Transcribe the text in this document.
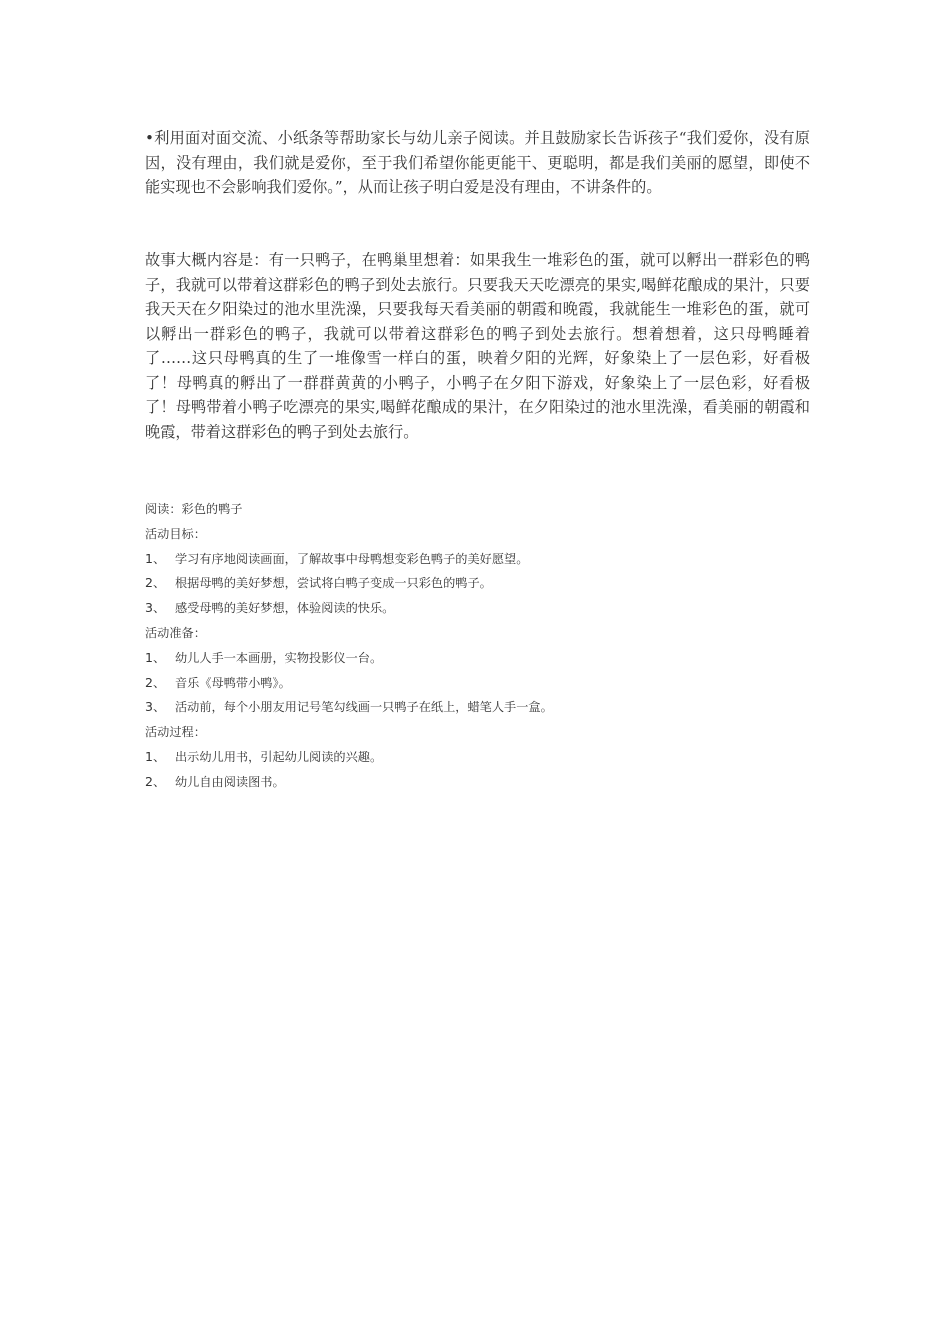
•利用面对面交流、小纸条等帮助家长与幼儿亲子阅读。并且鼓励家长告诉孩子“我们爱你，没有原因，没有理由，我们就是爱你，至于我们希望你能更能干、更聪明，都是我们美丽的愿望，即使不能实现也不会影响我们爱你。”，从而让孩子明白爱是没有理由，不讲条件的。

故事大概内容是：有一只鸭子，在鸭巢里想着：如果我生一堆彩色的蛋，就可以孵出一群彩色的鸭子，我就可以带着这群彩色的鸭子到处去旅行。只要我天天吃漂亮的果实,喝鲜花酿成的果汁，只要我天天在夕阳染过的池水里洗澡，只要我每天看美丽的朝霞和晚霞，我就能生一堆彩色的蛋，就可以孵出一群彩色的鸭子，我就可以带着这群彩色的鸭子到处去旅行。想着想着，这只母鸭睡着了……这只母鸭真的生了一堆像雪一样白的蛋，映着夕阳的光辉，好象染上了一层色彩，好看极了！母鸭真的孵出了一群群黄黄的小鸭子，小鸭子在夕阳下游戏，好象染上了一层色彩，好看极了！母鸭带着小鸭子吃漂亮的果实,喝鲜花酿成的果汁，在夕阳染过的池水里洗澡，看美丽的朝霞和晚霞，带着这群彩色的鸭子到处去旅行。

阅读：彩色的鸭子
活动目标：
1、 学习有序地阅读画面，了解故事中母鸭想变彩色鸭子的美好愿望。
2、 根据母鸭的美好梦想，尝试将白鸭子变成一只彩色的鸭子。
3、 感受母鸭的美好梦想，体验阅读的快乐。
活动准备：
1、 幼儿人手一本画册，实物投影仪一台。
2、 音乐《母鸭带小鸭》。
3、 活动前，每个小朋友用记号笔勾线画一只鸭子在纸上，蜡笔人手一盒。
活动过程：
1、 出示幼儿用书，引起幼儿阅读的兴趣。
2、 幼儿自由阅读图书。
